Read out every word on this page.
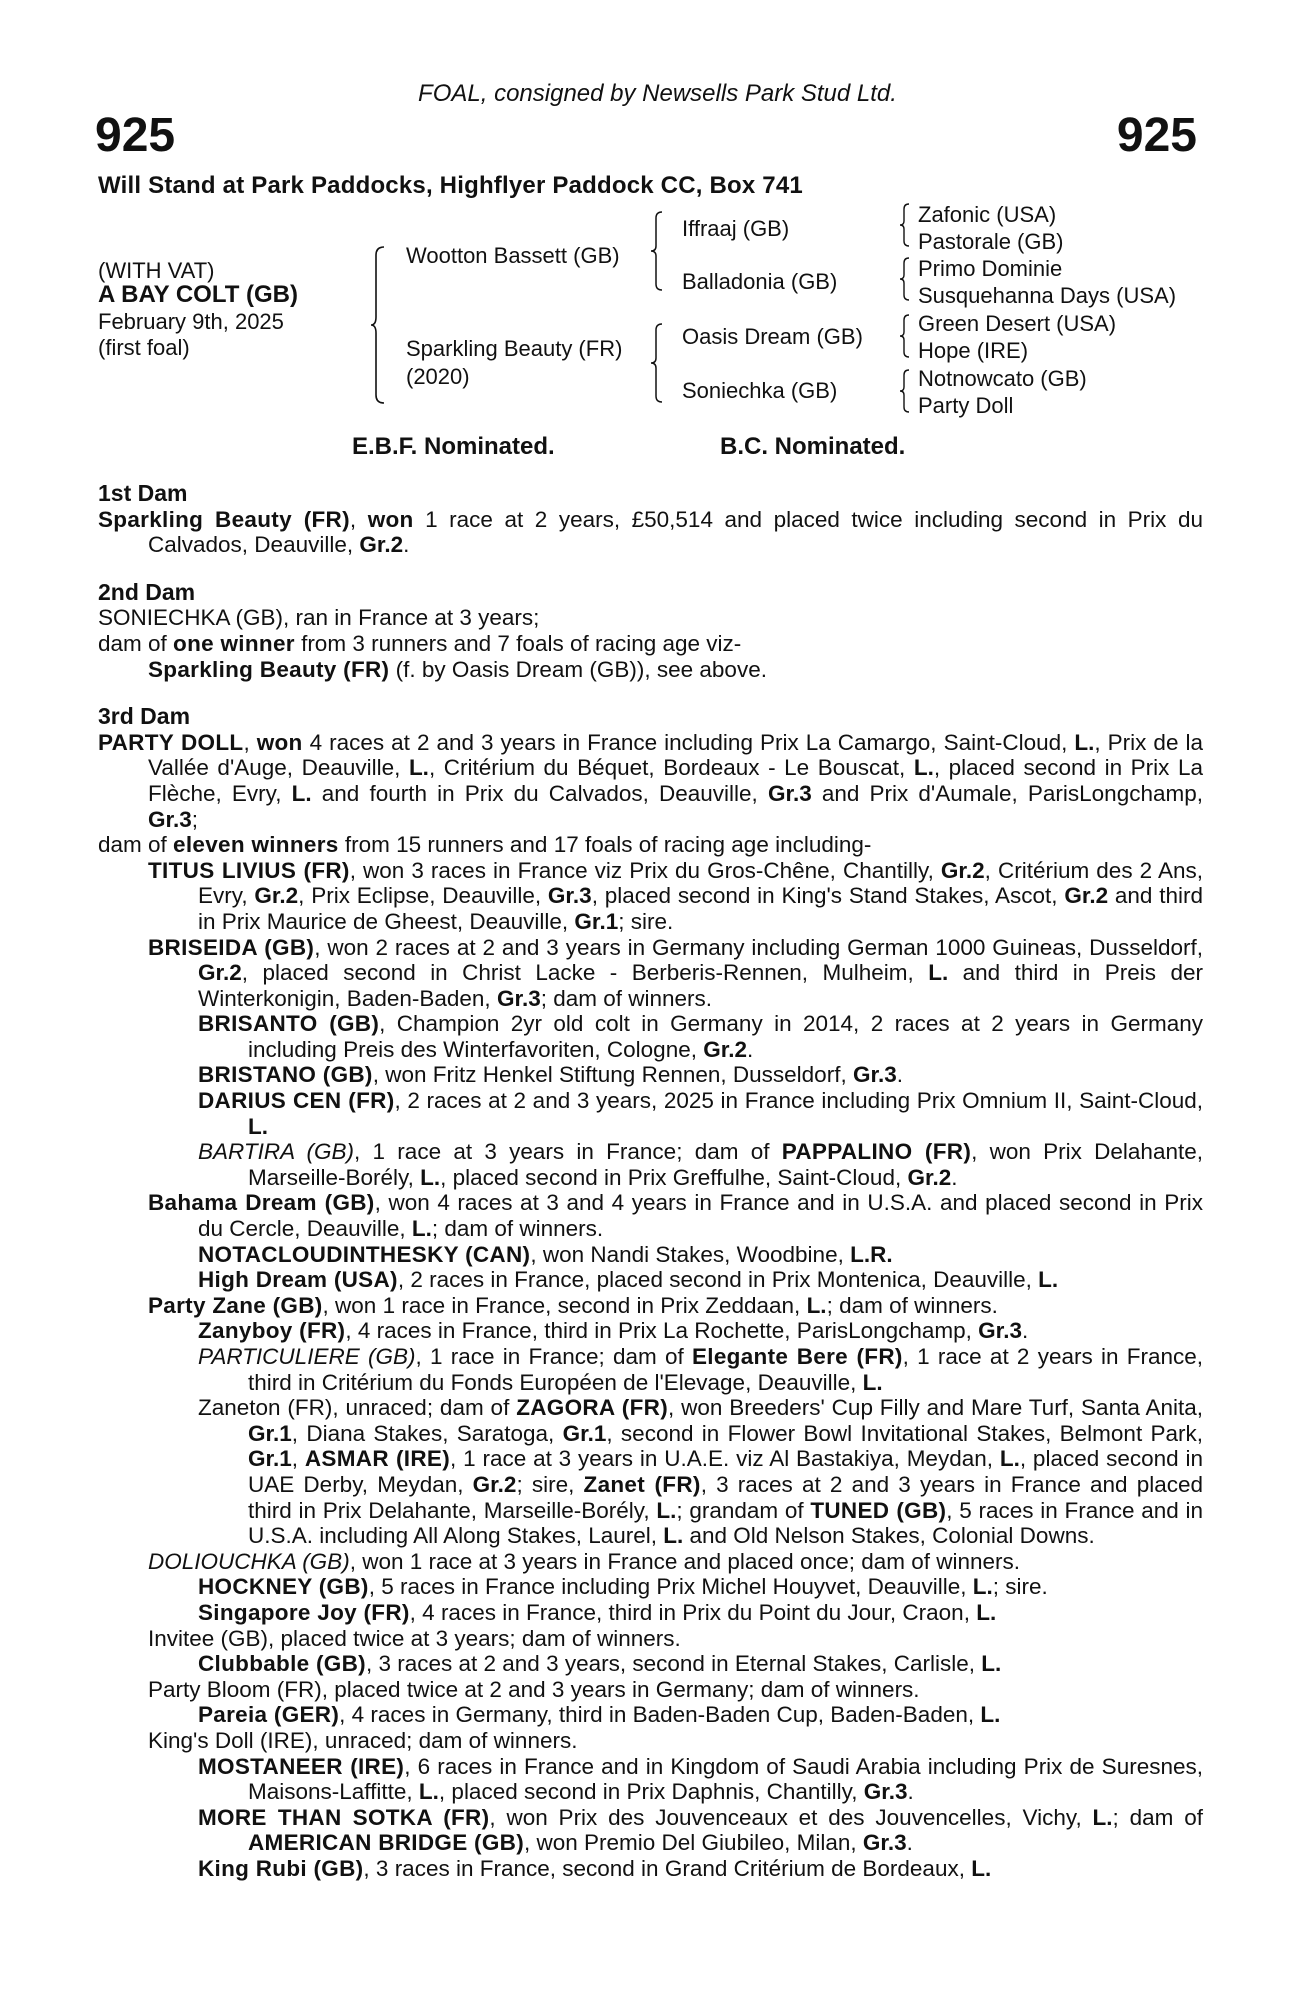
FOAL, consigned by Newsells Park Stud Ltd.
925	925
Will Stand at Park Paddocks, Highflyer Paddock CC, Box 741
(WITH VAT)
A BAY COLT (GB)
February 9th, 2025
(first foal)
Wootton Bassett (GB)
Sparkling Beauty (FR)
(2020)
Iffraaj (GB)
Balladonia (GB)
Oasis Dream (GB)
Soniechka (GB)
Zafonic (USA)
Pastorale (GB)
Primo Dominie
Susquehanna Days (USA)
Green Desert (USA)
Hope (IRE)
Notnowcato (GB)
Party Doll
E.B.F. Nominated.	B.C. Nominated.
1st Dam
Sparkling Beauty (FR), won 1 race at 2 years, £50,514 and placed twice including second in Prix du Calvados, Deauville, Gr.2.
2nd Dam
SONIECHKA (GB), ran in France at 3 years;
dam of one winner from 3 runners and 7 foals of racing age viz-
Sparkling Beauty (FR) (f. by Oasis Dream (GB)), see above.
3rd Dam
PARTY DOLL, won 4 races at 2 and 3 years in France including Prix La Camargo, Saint-Cloud, L., Prix de la Vallée d'Auge, Deauville, L., Critérium du Béquet, Bordeaux - Le Bouscat, L., placed second in Prix La Flèche, Evry, L. and fourth in Prix du Calvados, Deauville, Gr.3 and Prix d'Aumale, ParisLongchamp, Gr.3;
dam of eleven winners from 15 runners and 17 foals of racing age including-
TITUS LIVIUS (FR), won 3 races in France viz Prix du Gros-Chêne, Chantilly, Gr.2, Critérium des 2 Ans, Evry, Gr.2, Prix Eclipse, Deauville, Gr.3, placed second in King's Stand Stakes, Ascot, Gr.2 and third in Prix Maurice de Gheest, Deauville, Gr.1; sire.
BRISEIDA (GB), won 2 races at 2 and 3 years in Germany including German 1000 Guineas, Dusseldorf, Gr.2, placed second in Christ Lacke - Berberis-Rennen, Mulheim, L. and third in Preis der Winterkonigin, Baden-Baden, Gr.3; dam of winners.
BRISANTO (GB), Champion 2yr old colt in Germany in 2014, 2 races at 2 years in Germany including Preis des Winterfavoriten, Cologne, Gr.2.
BRISTANO (GB), won Fritz Henkel Stiftung Rennen, Dusseldorf, Gr.3.
DARIUS CEN (FR), 2 races at 2 and 3 years, 2025 in France including Prix Omnium II, Saint-Cloud, L.
BARTIRA (GB), 1 race at 3 years in France; dam of PAPPALINO (FR), won Prix Delahante, Marseille-Borély, L., placed second in Prix Greffulhe, Saint-Cloud, Gr.2.
Bahama Dream (GB), won 4 races at 3 and 4 years in France and in U.S.A. and placed second in Prix du Cercle, Deauville, L.; dam of winners.
NOTACLOUDINTHESKY (CAN), won Nandi Stakes, Woodbine, L.R.
High Dream (USA), 2 races in France, placed second in Prix Montenica, Deauville, L.
Party Zane (GB), won 1 race in France, second in Prix Zeddaan, L.; dam of winners.
Zanyboy (FR), 4 races in France, third in Prix La Rochette, ParisLongchamp, Gr.3.
PARTICULIERE (GB), 1 race in France; dam of Elegante Bere (FR), 1 race at 2 years in France, third in Critérium du Fonds Européen de l'Elevage, Deauville, L.
Zaneton (FR), unraced; dam of ZAGORA (FR), won Breeders' Cup Filly and Mare Turf, Santa Anita, Gr.1, Diana Stakes, Saratoga, Gr.1, second in Flower Bowl Invitational Stakes, Belmont Park, Gr.1, ASMAR (IRE), 1 race at 3 years in U.A.E. viz Al Bastakiya, Meydan, L., placed second in UAE Derby, Meydan, Gr.2; sire, Zanet (FR), 3 races at 2 and 3 years in France and placed third in Prix Delahante, Marseille-Borély, L.; grandam of TUNED (GB), 5 races in France and in U.S.A. including All Along Stakes, Laurel, L. and Old Nelson Stakes, Colonial Downs.
DOLIOUCHKA (GB), won 1 race at 3 years in France and placed once; dam of winners.
HOCKNEY (GB), 5 races in France including Prix Michel Houyvet, Deauville, L.; sire.
Singapore Joy (FR), 4 races in France, third in Prix du Point du Jour, Craon, L.
Invitee (GB), placed twice at 3 years; dam of winners.
Clubbable (GB), 3 races at 2 and 3 years, second in Eternal Stakes, Carlisle, L.
Party Bloom (FR), placed twice at 2 and 3 years in Germany; dam of winners.
Pareia (GER), 4 races in Germany, third in Baden-Baden Cup, Baden-Baden, L.
King's Doll (IRE), unraced; dam of winners.
MOSTANEER (IRE), 6 races in France and in Kingdom of Saudi Arabia including Prix de Suresnes, Maisons-Laffitte, L., placed second in Prix Daphnis, Chantilly, Gr.3.
MORE THAN SOTKA (FR), won Prix des Jouvenceaux et des Jouvencelles, Vichy, L.; dam of AMERICAN BRIDGE (GB), won Premio Del Giubileo, Milan, Gr.3.
King Rubi (GB), 3 races in France, second in Grand Critérium de Bordeaux, L.
